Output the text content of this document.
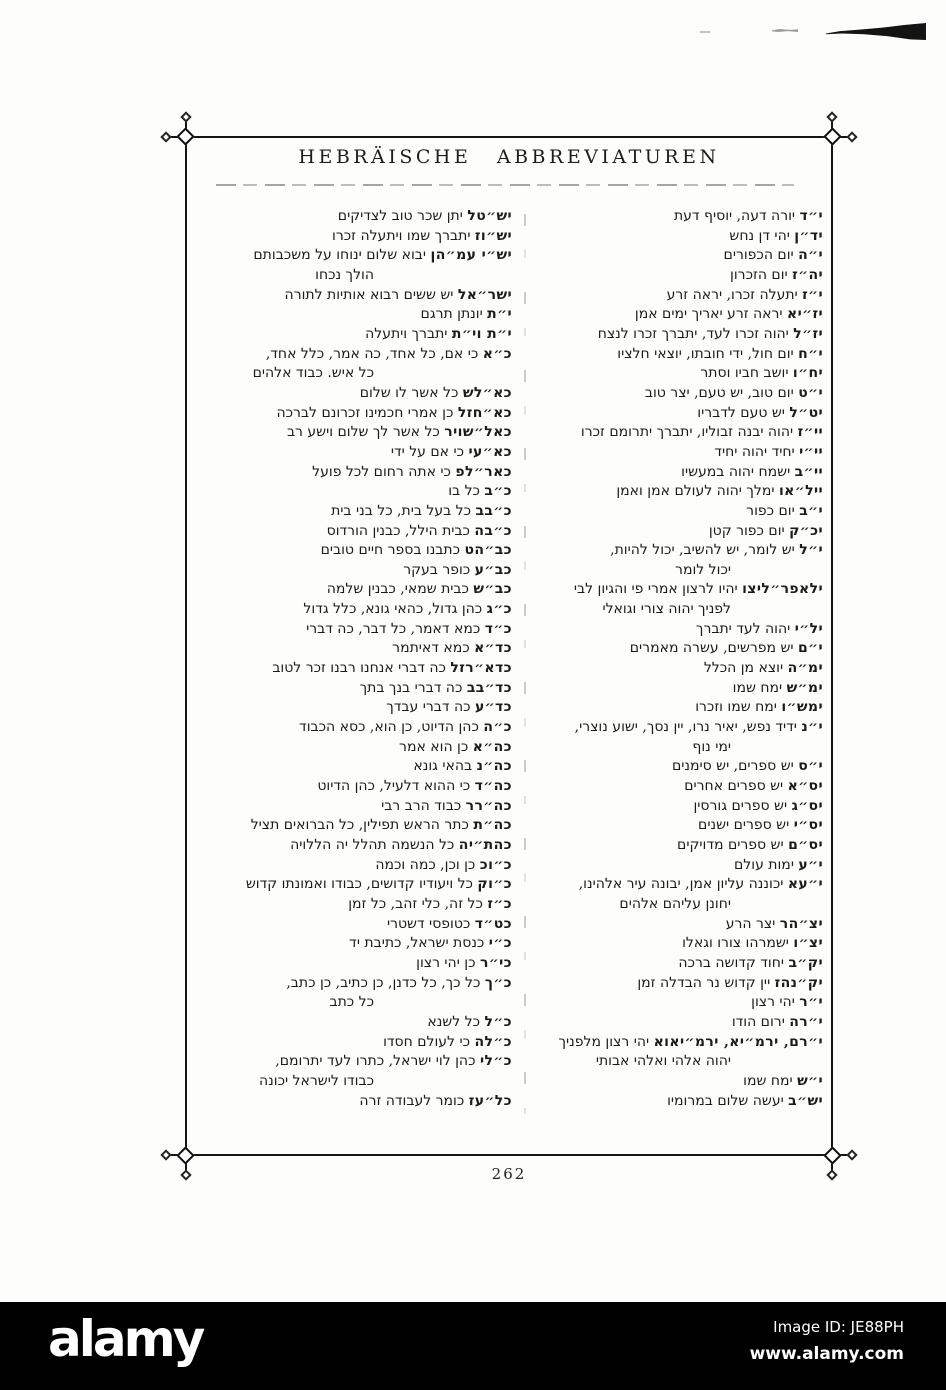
HEBRÄISCHE ABBREVIATUREN
י״ד יורה דעה, יוסיף דעת
יד״ן יהי דן נחש
י״ה יום הכפורים
יה״ז יום הזכרון
י״ז יתעלה זכרו, יראה זרע
יז״יא יראה זרע יאריך ימים אמן
יז״ל יהוה זכרו לעד, יתברך זכרו לנצח
י״ח יום חול, ידי חובתו, יוצאי חלציו
יח״ו יושב חביו וסתר
י״ט יום טוב, יש טעם, יצר טוב
יט״ל יש טעם לדבריו
יי״ז יהוה יבנה זבוליו, יתברך יתרומם זכרו
יי״י יחיד יהוה יחיד
יי״ב ישמח יהוה במעשיו
ייל״או ימלך יהוה לעולם אמן ואמן
י״ב יום כפור
יכ״ק יום כפור קטן
י״ל יש לומר, יש להשיב, יכול להיות,
יכול לומר
ילאפר״ליצו יהיו לרצון אמרי פי והגיון לבי
לפניך יהוה צורי וגואלי
יל״י יהוה לעד יתברך
י״ם יש מפרשים, עשרה מאמרים
ימ״ה יוצא מן הכלל
ימ״ש ימח שמו
ימש״ו ימח שמו וזכרו
י״נ ידיד נפש, יאיר נרו, יין נסך, ישוע נוצרי,
ימי נוף
י״ס יש ספרים, יש סימנים
יס״א יש ספרים אחרים
יס״ג יש ספרים גורסין
יס״י יש ספרים ישנים
יס״ם יש ספרים מדויקים
י״ע ימות עולם
י״עא יכוננה עליון אמן, יבונה עיר אלהינו,
יחונן עליהם אלהים
יצ״הר יצר הרע
יצ״ו ישמרהו צורו וגאלו
יק״ב יחוד קדושה ברכה
יק״נהז יין קדוש נר הבדלה זמן
י״ר יהי רצון
י״רה ירום הודו
י״רם, ירמ״יא, ירמ״יאוא יהי רצון מלפניך
יהוה אלהי ואלהי אבותי
י״ש ימח שמו
יש״ב יעשה שלום במרומיו
יש״טל יתן שכר טוב לצדיקים
יש״וז יתברך שמו ויתעלה זכרו
יש״י עמ״הן יבוא שלום ינוחו על משכבותם
הולך נכחו
ישר״אל יש ששים רבוא אותיות לתורה
י״ת יונתן תרגם
י״ת וי״ת יתברך ויתעלה
כ״א כי אם, כל אחד, כה אמר, כלל אחד,
כל איש. כבוד אלהים
כא״לש כל אשר לו שלום
כא״חזל כן אמרי חכמינו זכרונם לברכה
כאל״שויר כל אשר לך שלום וישע רב
כא״עי כי אם על ידי
כאר״לפ כי אתה רחום לכל פועל
כ״ב כל בו
כ״בב כל בעל בית, כל בני בית
כ״בה כבית הילל, כבנין הורדוס
כב״הט כתבנו בספר חיים טובים
כב״ע כופר בעקר
כב״ש כבית שמאי, כבנין שלמה
כ״ג כהן גדול, כהאי גונא, כלל גדול
כ״ד כמא דאמר, כל דבר, כה דברי
כד״א כמא דאיתמר
כדא״רזל כה דברי אנחנו רבנו זכר לטוב
כד״בב כה דברי בנך בתך
כד״ע כה דברי עבדך
כ״ה כהן הדיוט, כן הוא, כסא הכבוד
כה״א כן הוא אמר
כה״נ בהאי גונא
כה״ד כי ההוא דלעיל, כהן הדיוט
כה״רר כבוד הרב רבי
כה״ת כתר הראש תפילין, כל הברואים תציל
כהת״יה כל הנשמה תהלל יה הללויה
כ״וכ כן וכן, כמה וכמה
כ״וק כל ויעודיו קדושים, כבודו ואמונתו קדוש
כ״ז כל זה, כלי זהב, כל זמן
כט״ד כטופסי דשטרי
כ״י כנסת ישראל, כתיבת יד
כי״ר כן יהי רצון
כ״ך כל כך, כל כדנן, כן כתיב, כן כתב,
כל כתב
כ״ל כל לשנא
כ״לה כי לעולם חסדו
כ״לי כהן לוי ישראל, כתרו לעד יתרומם,
כבודו לישראל יכונה
כל״עז כומר לעבודה זרה
262
alamy	Image ID: JE88PH
www.alamy.com
